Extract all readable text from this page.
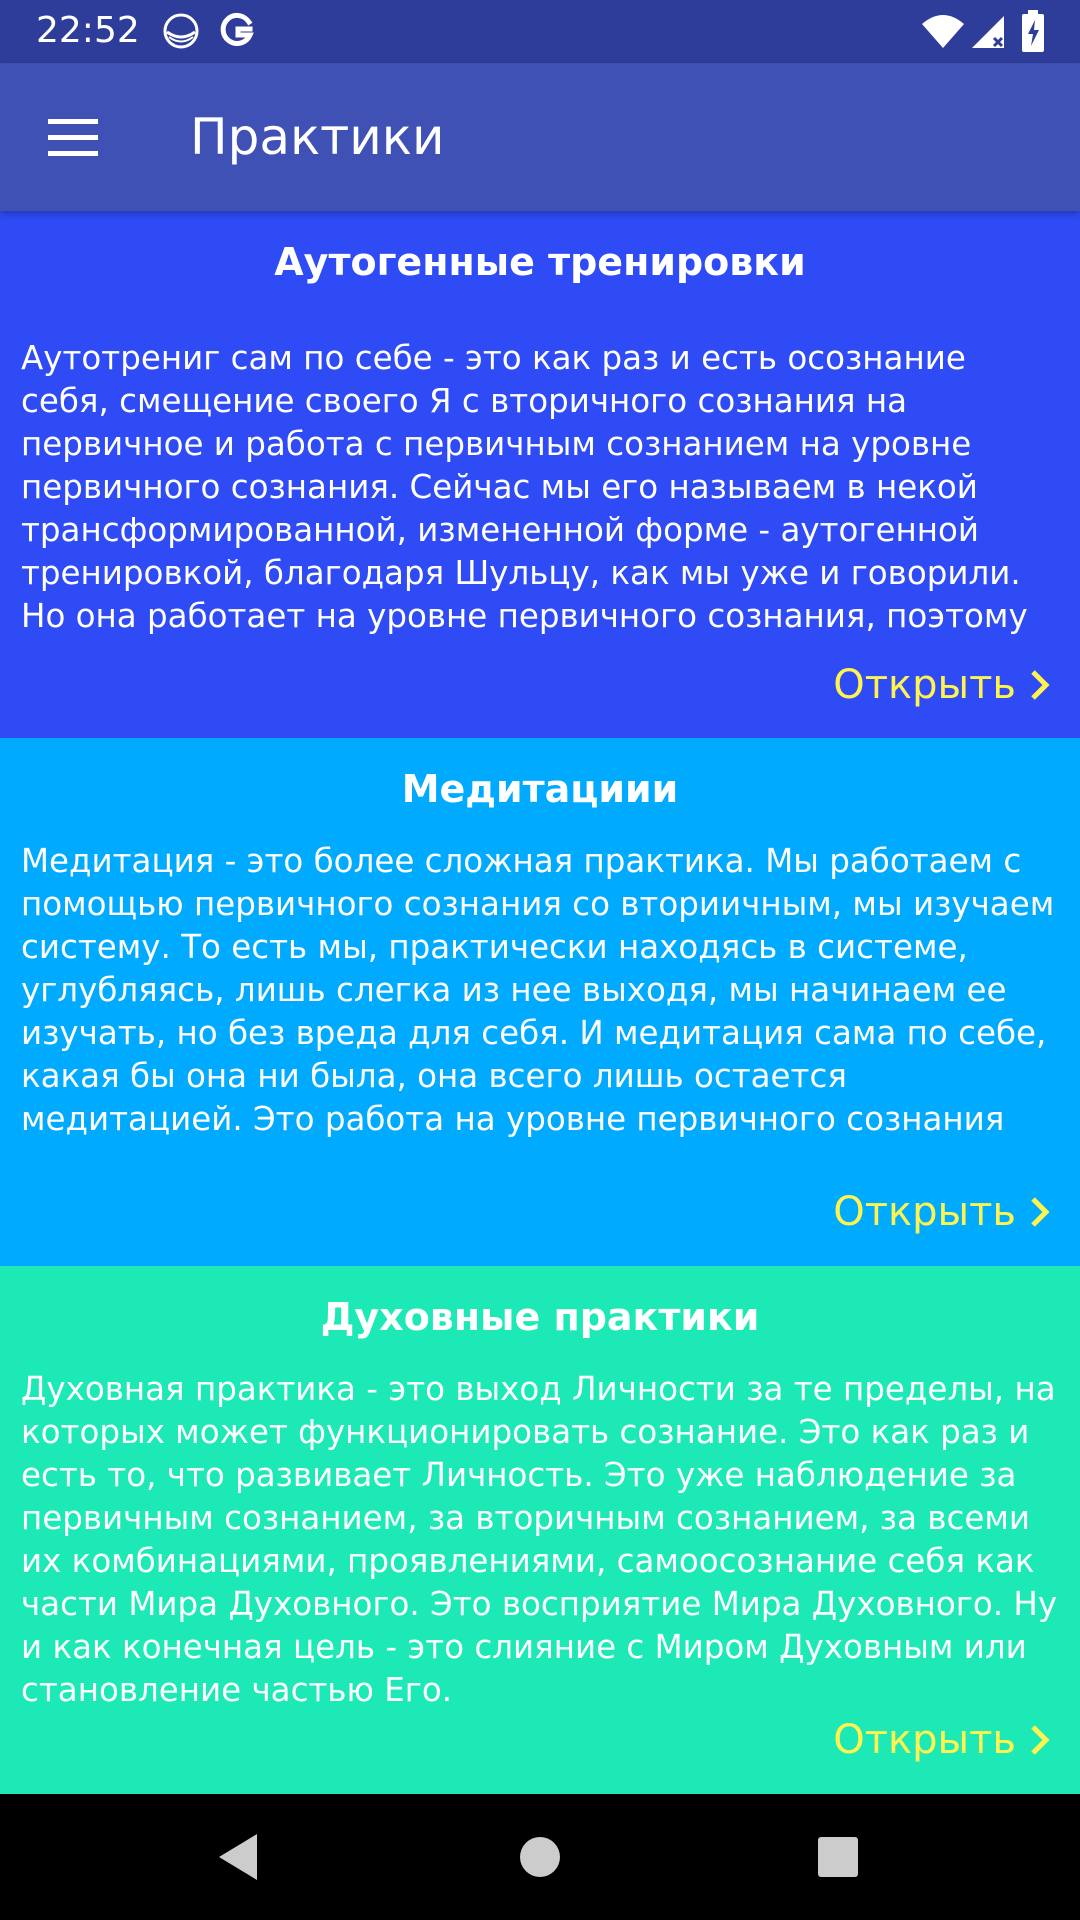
22:52
Практики
Аутогенные тренировки
Аутотрениг сам по себе - это как раз и есть осознание себя, смещение своего Я с вторичного сознания на первичное и работа с первичным сознанием на уровне первичного сознания. Сейчас мы его называем в некой трансформированной, измененной форме - аутогенной тренировкой, благодаря Шульцу, как мы уже и говорили. Но она работает на уровне первичного сознания, поэтому
Открыть
Медитациии
Медитация - это более сложная практика. Мы работаем с помощью первичного сознания со вториичным, мы изучаем систему. То есть мы, практически находясь в системе, углубляясь, лишь слегка из нее выходя, мы начинаем ее изучать, но без вреда для себя. И медитация сама по себе, какая бы она ни была, она всего лишь остается медитацией. Это работа на уровне первичного сознания
Открыть
Духовные практики
Духовная практика - это выход Личности за те пределы, на которых может функционировать сознание. Это как раз и есть то, что развивает Личность. Это уже наблюдение за первичным сознанием, за вторичным сознанием, за всеми их комбинациями, проявлениями, самоосознание себя как части Мира Духовного. Это восприятие Мира Духовного. Ну и как конечная цель - это слияние с Миром Духовным или становление частью Его.
Открыть
